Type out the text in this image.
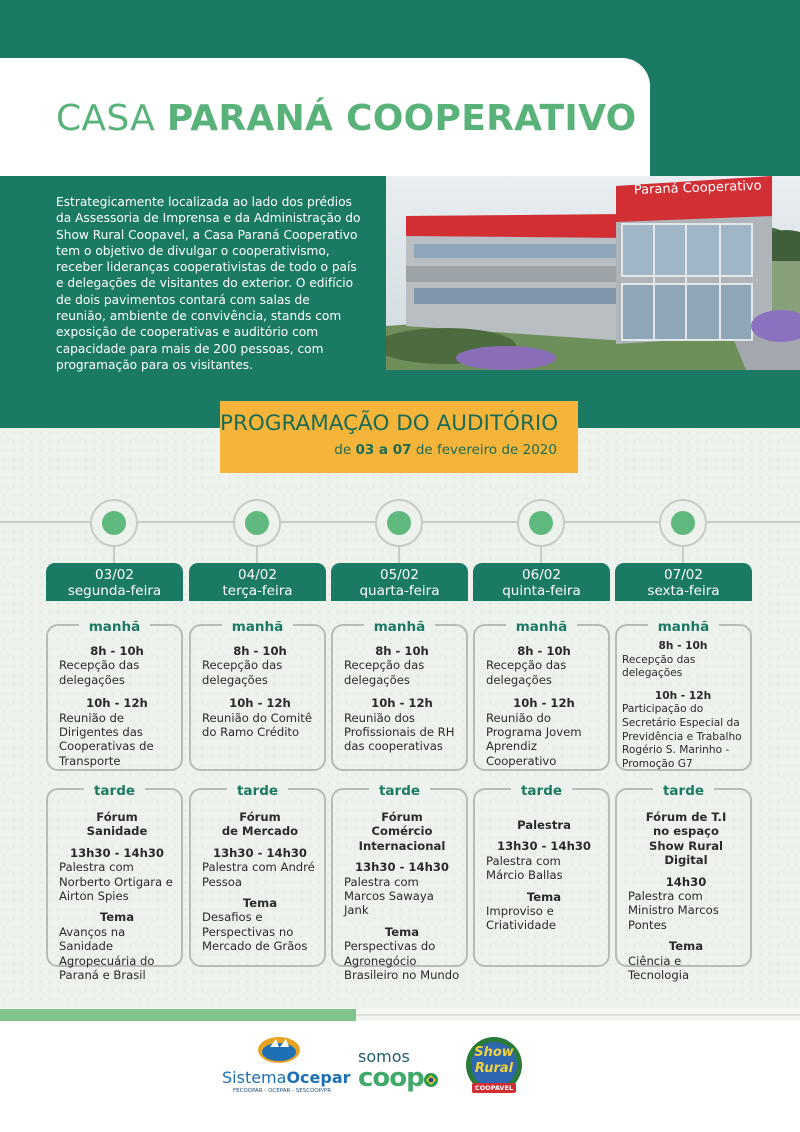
CASA PARANÁ COOPERATIVO

Estrategicamente localizada ao lado dos prédios da Assessoria de Imprensa e da Administração do Show Rural Coopavel, a Casa Paraná Cooperativo tem o objetivo de divulgar o cooperativismo, receber lideranças cooperativistas de todo o país e delegações de visitantes do exterior. O edifício de dois pavimentos contará com salas de reunião, ambiente de convivência, stands com exposição de cooperativas e auditório com capacidade para mais de 200 pessoas, com programação para os visitantes.

Paraná Cooperativo
PROGRAMAÇÃO DO AUDITÓRIO
de 03 a 07 de fevereiro de 2020
03/02
segunda-feira
manhã
8h - 10h
Recepção das delegações
10h - 12h
Reunião de Dirigentes das Cooperativas de Transporte
tarde
Fórum
Sanidade
13h30 - 14h30
Palestra com Norberto Ortigara e Airton Spies
Tema
Avanços na Sanidade Agropecuária do Paraná e Brasil
04/02
terça-feira
manhã
8h - 10h
Recepção das delegações
10h - 12h
Reunião do Comitê do Ramo Crédito
tarde
Fórum
de Mercado
13h30 - 14h30
Palestra com André Pessoa
Tema
Desafios e Perspectivas no Mercado de Grãos
05/02
quarta-feira
manhã
8h - 10h
Recepção das delegações
10h - 12h
Reunião dos Profissionais de RH das cooperativas
tarde
Fórum
Comércio Internacional
13h30 - 14h30
Palestra com Marcos Sawaya Jank
Tema
Perspectivas do Agronegócio Brasileiro no Mundo
06/02
quinta-feira
manhã
8h - 10h
Recepção das delegações
10h - 12h
Reunião do Programa Jovem Aprendiz Cooperativo
tarde
Palestra
13h30 - 14h30
Palestra com Márcio Ballas
Tema
Improviso e Criatividade
07/02
sexta-feira
manhã
8h - 10h
Recepção das delegações
10h - 12h
Participação do Secretário Especial da Previdência e Trabalho Rogério S. Marinho - Promoção G7
tarde
Fórum de T.I
no espaço
Show Rural Digital
14h30
Palestra com Ministro Marcos Pontes
Tema
Ciência e Tecnologia
SistemaOcepar
FECOOPAR - OCEPAR - SESCOOP/PR
somos
coop
Show
Rural
COOPAVEL
